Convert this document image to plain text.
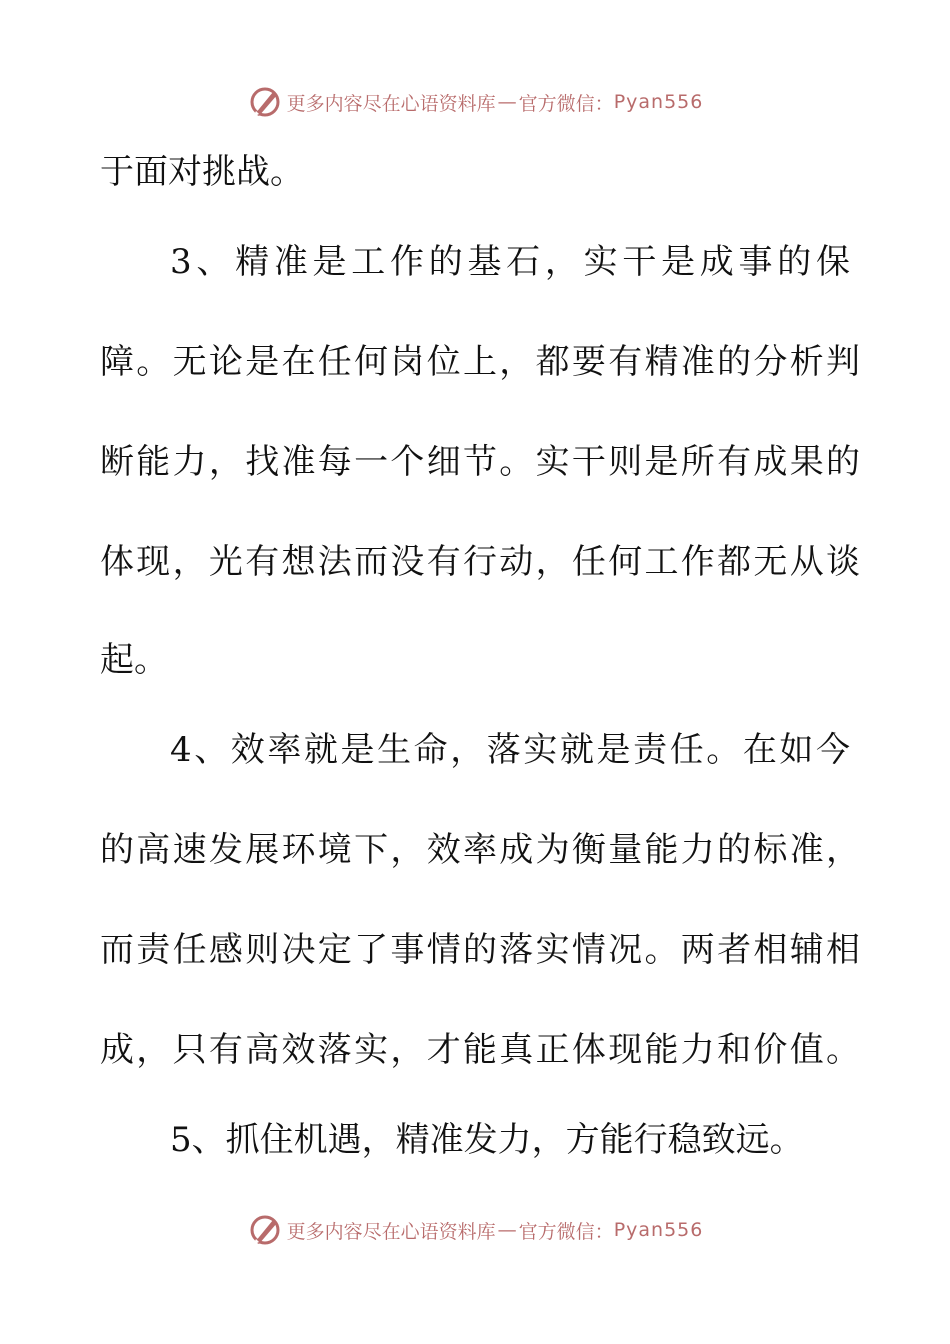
更多内容尽在心语资料库 — 官方微信： Pyan556
于面对挑战。
3、精准是工作的基石，实干是成事的保
障。无论是在任何岗位上，都要有精准的分析判
断能力，找准每一个细节。实干则是所有成果的
体现，光有想法而没有行动，任何工作都无从谈
起。
4、效率就是生命，落实就是责任。在如今
的高速发展环境下，效率成为衡量能力的标准，
而责任感则决定了事情的落实情况。两者相辅相
成，只有高效落实，才能真正体现能力和价值。
5、抓住机遇，精准发力，方能行稳致远。
更多内容尽在心语资料库 — 官方微信： Pyan556
